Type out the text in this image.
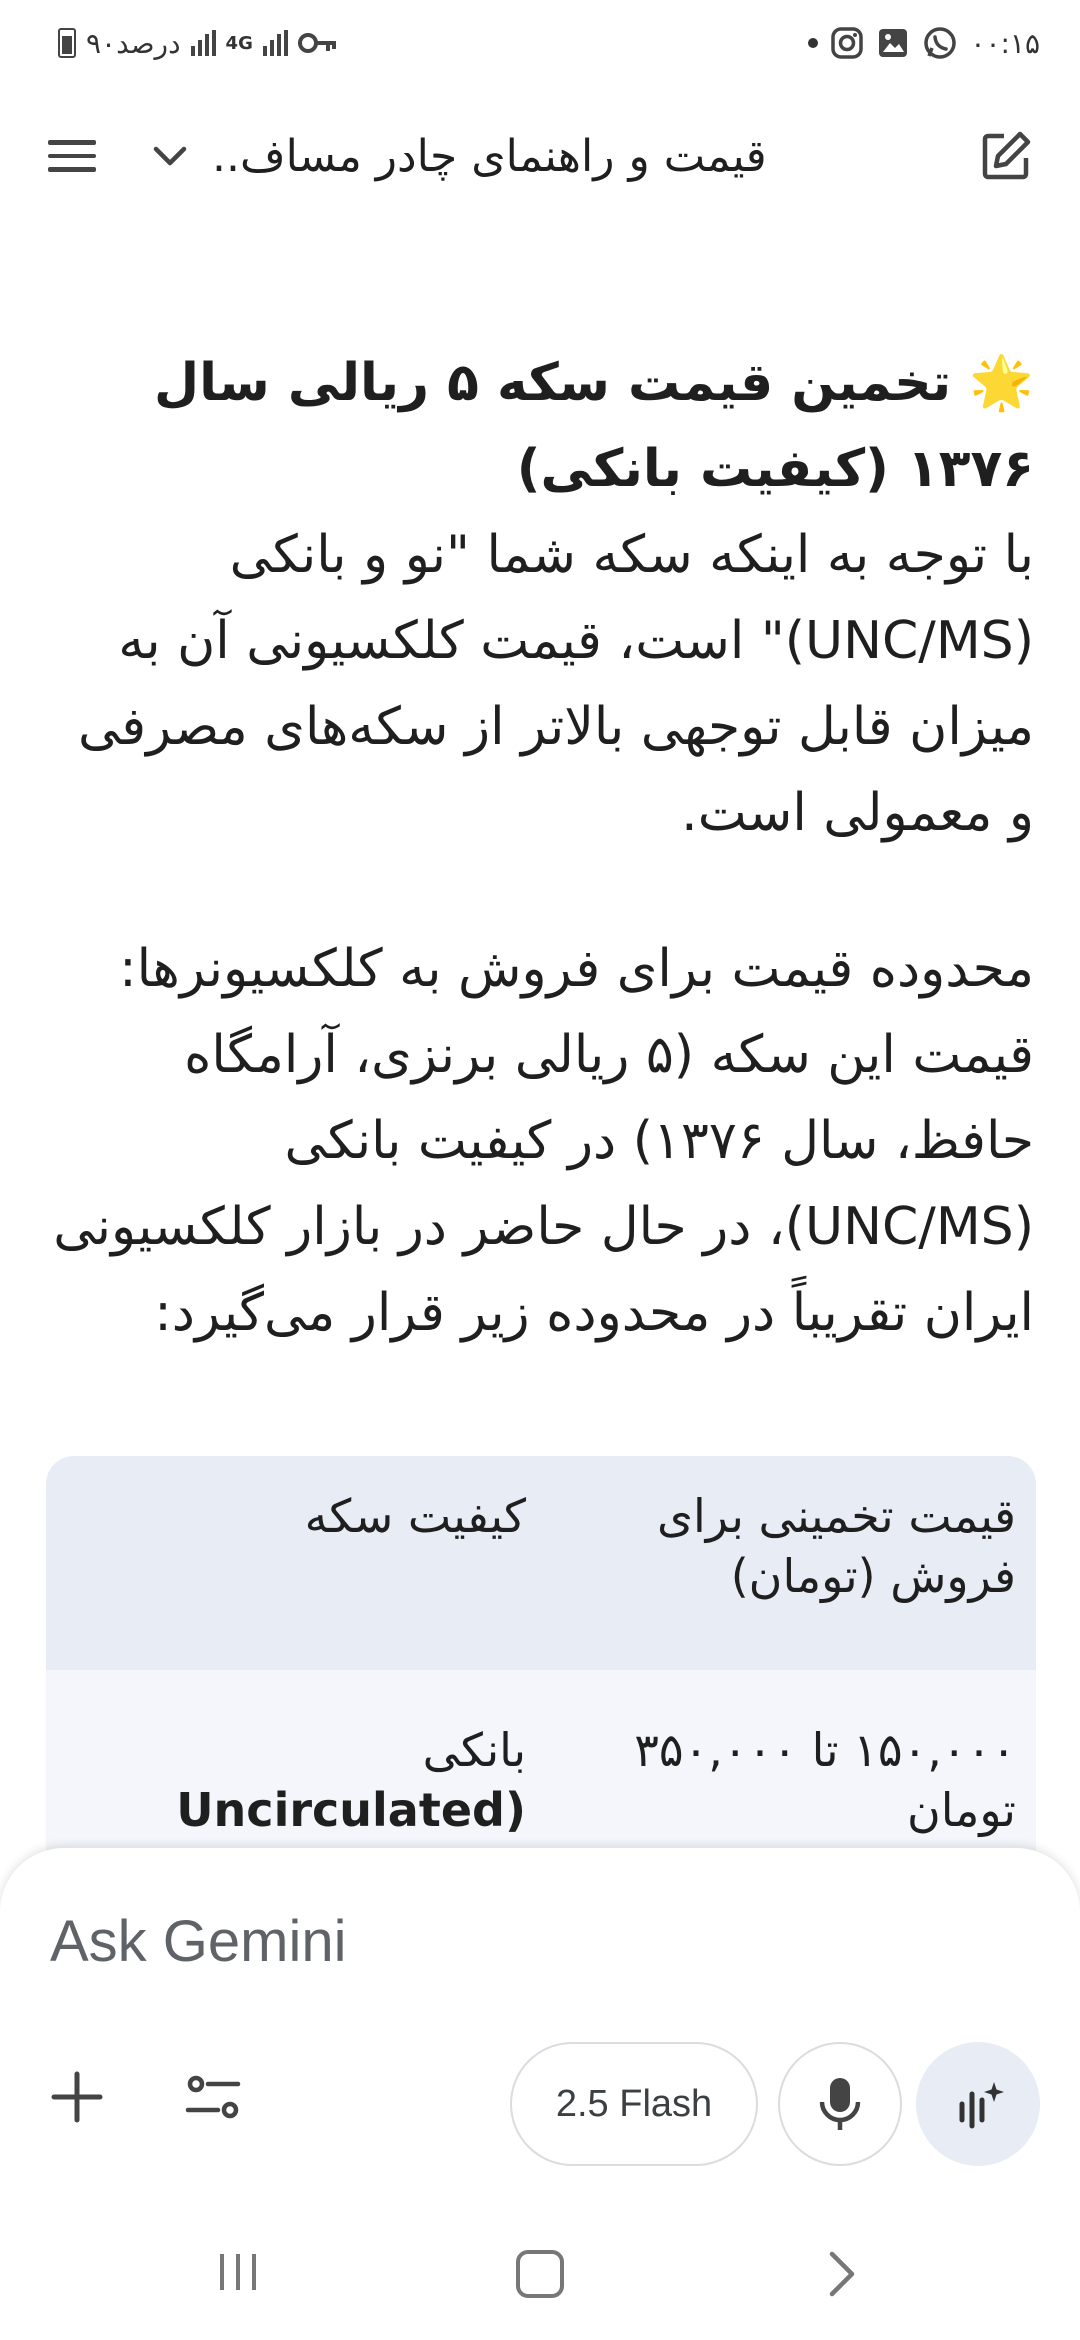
۹۰درصد	4G	۰۰:۱۵
قیمت و راهنمای چادر مساف..
🌟 تخمین قیمت سکه ۵ ریالی سال ۱۳۷۶ (کیفیت بانکی)
با توجه به اینکه سکه شما "نو و بانکی (UNC/MS)" است، قیمت کلکسیونی آن به میزان قابل توجهی بالاتر از سکه‌های مصرفی و معمولی است.
محدوده قیمت برای فروش به کلکسیونرها:
قیمت این سکه (۵ ریالی برنزی، آرامگاه حافظ، سال ۱۳۷۶) در کیفیت بانکی (UNC/MS)، در حال حاضر در بازار کلکسیونی ایران تقریباً در محدوده زیر قرار می‌گیرد:
قیمت تخمینی برای فروش (تومان)
کیفیت سکه
۱۵۰,۰۰۰ تا ۳۵۰,۰۰۰ تومان
بانکی
Uncirculated)
Ask Gemini
2.5 Flash
